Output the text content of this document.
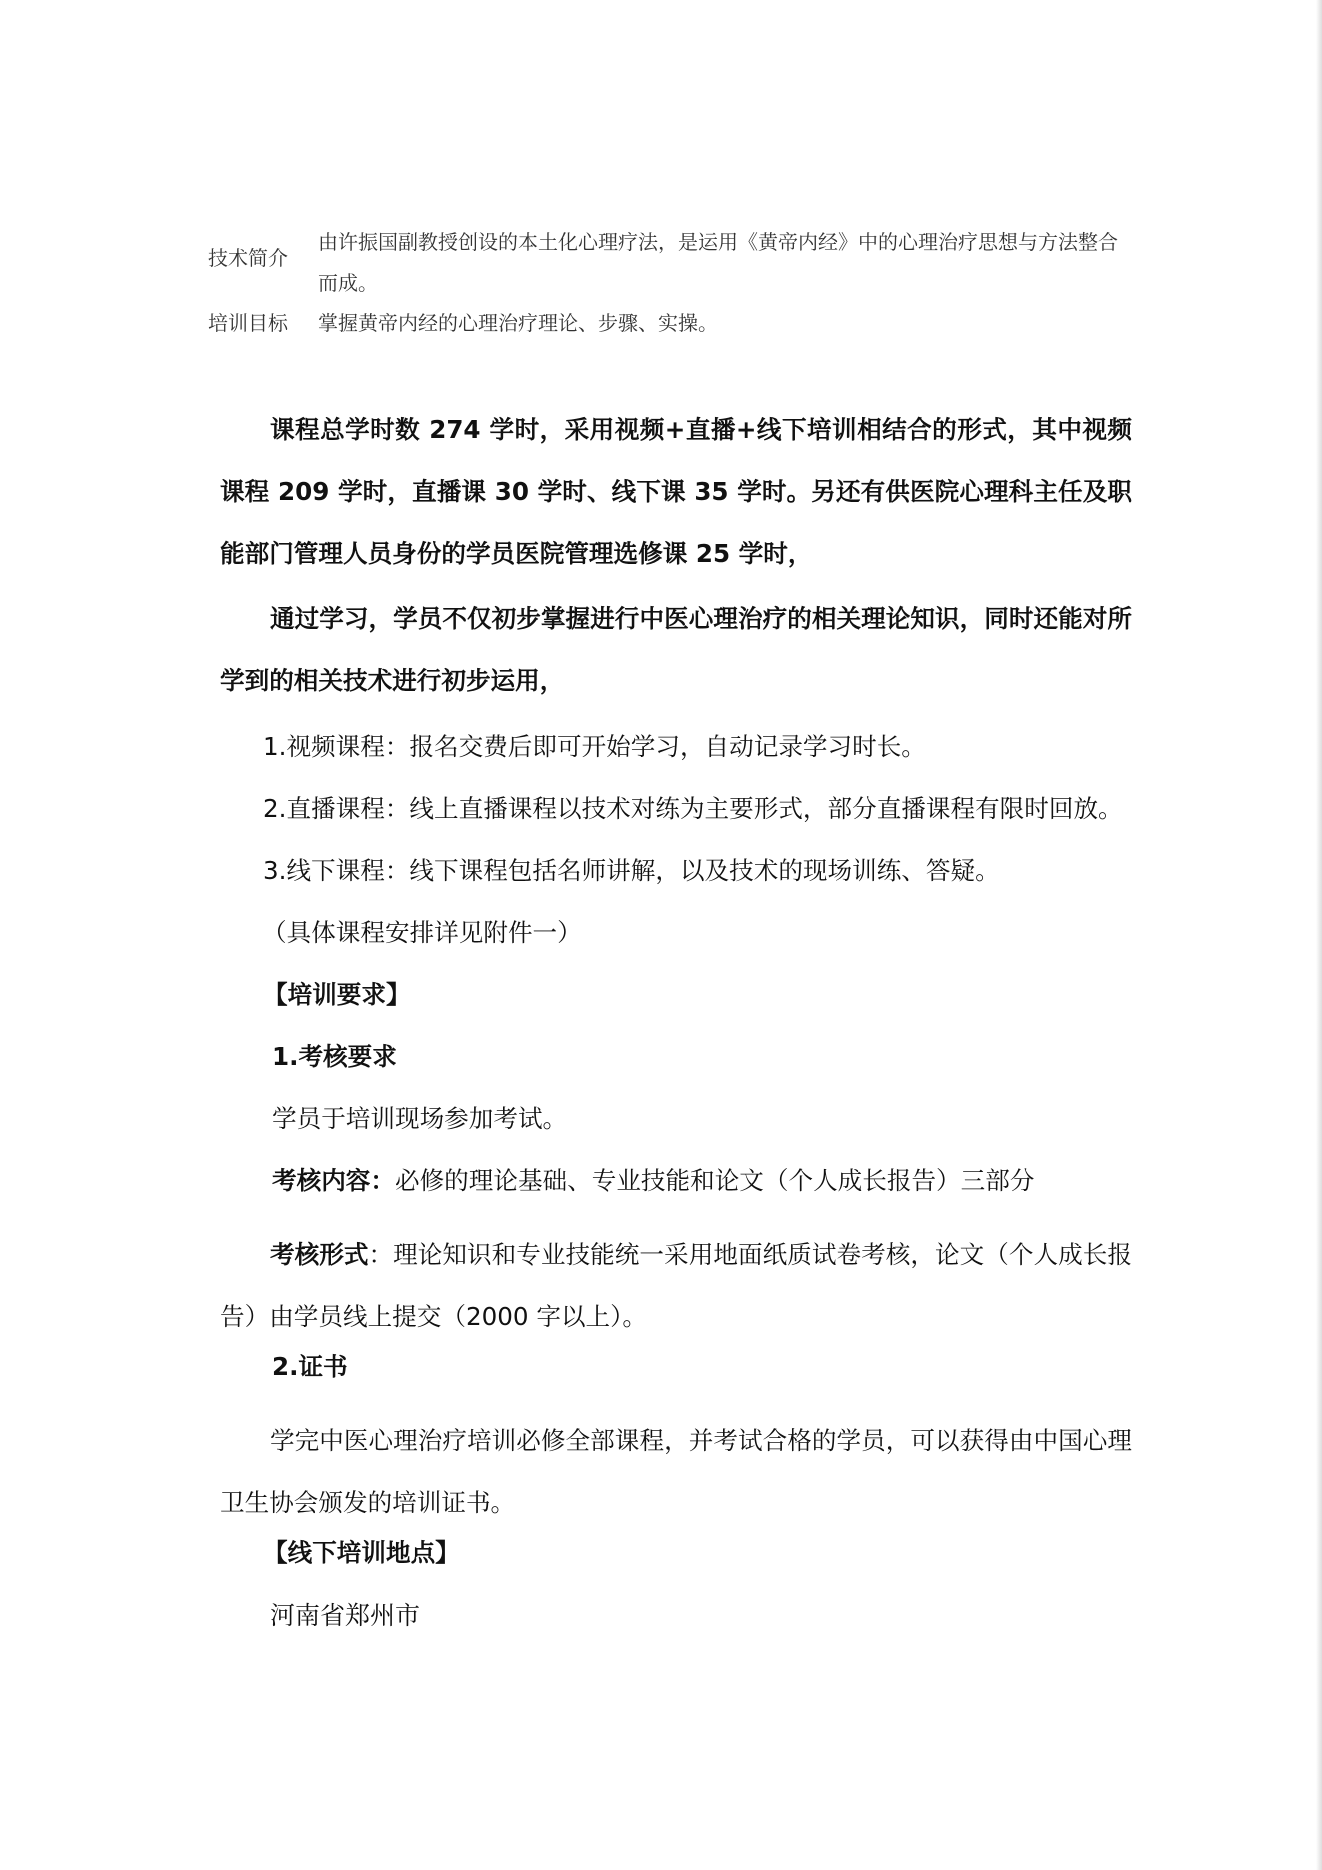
技术简介
由许振国副教授创设的本土化心理疗法，是运用《黄帝内经》中的心理治疗思想与方法整合而成。
培训目标	掌握黄帝内经的心理治疗理论、步骤、实操。
课程总学时数 274 学时，采用视频+直播+线下培训相结合的形式，其中视频课程 209 学时，直播课 30 学时、线下课 35 学时。另还有供医院心理科主任及职能部门管理人员身份的学员医院管理选修课 25 学时，
通过学习，学员不仅初步掌握进行中医心理治疗的相关理论知识，同时还能对所学到的相关技术进行初步运用，
1.视频课程：报名交费后即可开始学习，自动记录学习时长。
2.直播课程：线上直播课程以技术对练为主要形式，部分直播课程有限时回放。
3.线下课程：线下课程包括名师讲解，以及技术的现场训练、答疑。
（具体课程安排详见附件一）
【培训要求】
1.考核要求
学员于培训现场参加考试。
考核内容：必修的理论基础、专业技能和论文（个人成长报告）三部分
考核形式：理论知识和专业技能统一采用地面纸质试卷考核，论文（个人成长报告）由学员线上提交（2000 字以上）。
2.证书
学完中医心理治疗培训必修全部课程，并考试合格的学员，可以获得由中国心理卫生协会颁发的培训证书。
【线下培训地点】
河南省郑州市
